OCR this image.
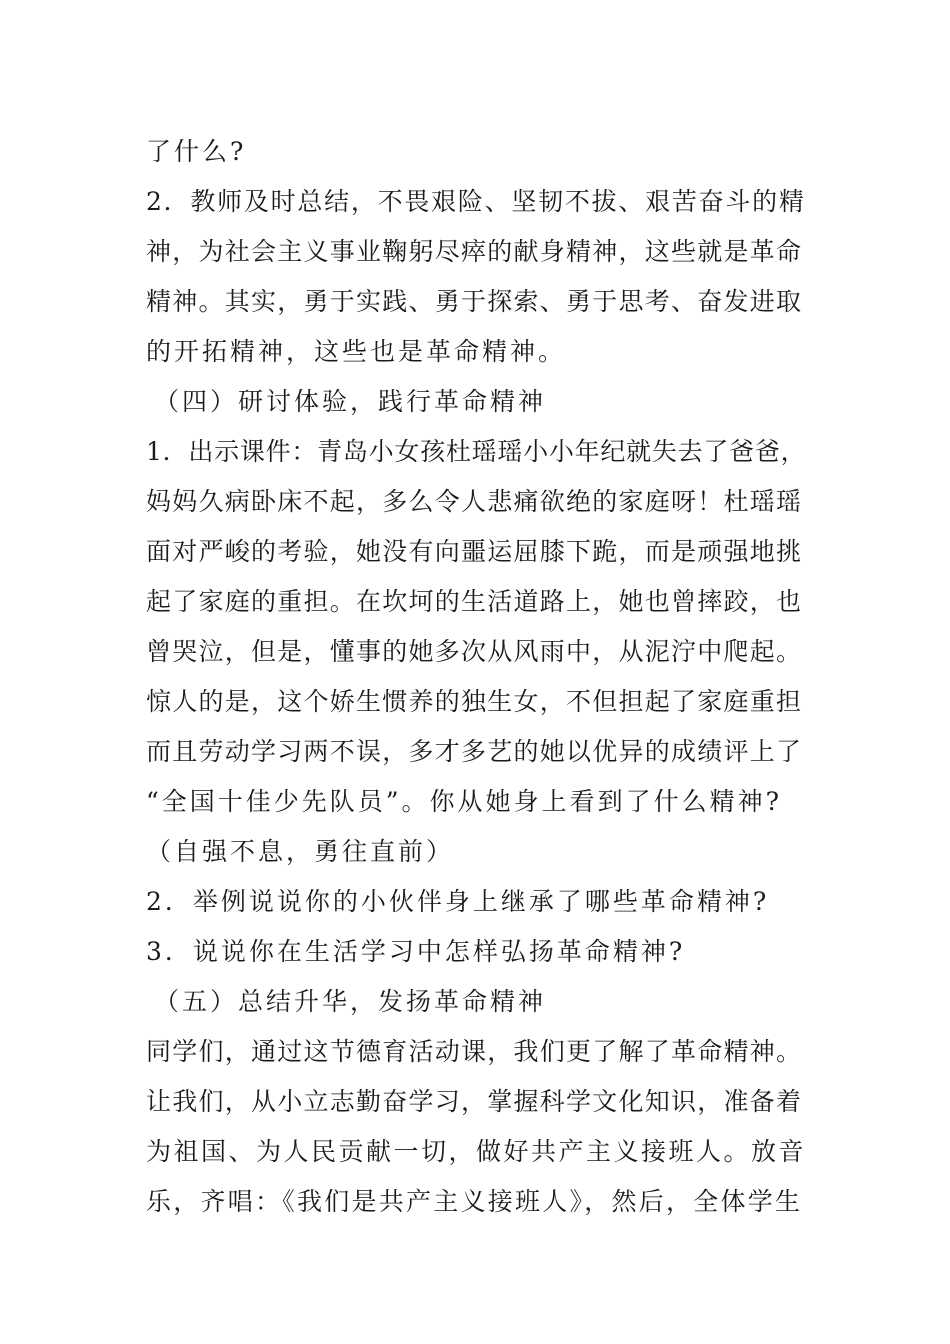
了什么?
2．教师及时总结，不畏艰险、坚韧不拔、艰苦奋斗的精
神，为社会主义事业鞠躬尽瘁的献身精神，这些就是革命
精神。其实，勇于实践、勇于探索、勇于思考、奋发进取
的开拓精神，这些也是革命精神。
（四）研讨体验，践行革命精神
1．出示课件：青岛小女孩杜瑶瑶小小年纪就失去了爸爸，
妈妈久病卧床不起，多么令人悲痛欲绝的家庭呀！杜瑶瑶
面对严峻的考验，她没有向噩运屈膝下跪，而是顽强地挑
起了家庭的重担。在坎坷的生活道路上，她也曾摔跤，也
曾哭泣，但是，懂事的她多次从风雨中，从泥泞中爬起。
惊人的是，这个娇生惯养的独生女，不但担起了家庭重担
而且劳动学习两不误，多才多艺的她以优异的成绩评上了
“全国十佳少先队员”。你从她身上看到了什么精神?
（自强不息，勇往直前）
2．举例说说你的小伙伴身上继承了哪些革命精神?
3．说说你在生活学习中怎样弘扬革命精神?
（五）总结升华，发扬革命精神
同学们，通过这节德育活动课，我们更了解了革命精神。
让我们，从小立志勤奋学习，掌握科学文化知识，准备着
为祖国、为人民贡献一切，做好共产主义接班人。放音
乐，齐唱：《我们是共产主义接班人》，然后，全体学生
